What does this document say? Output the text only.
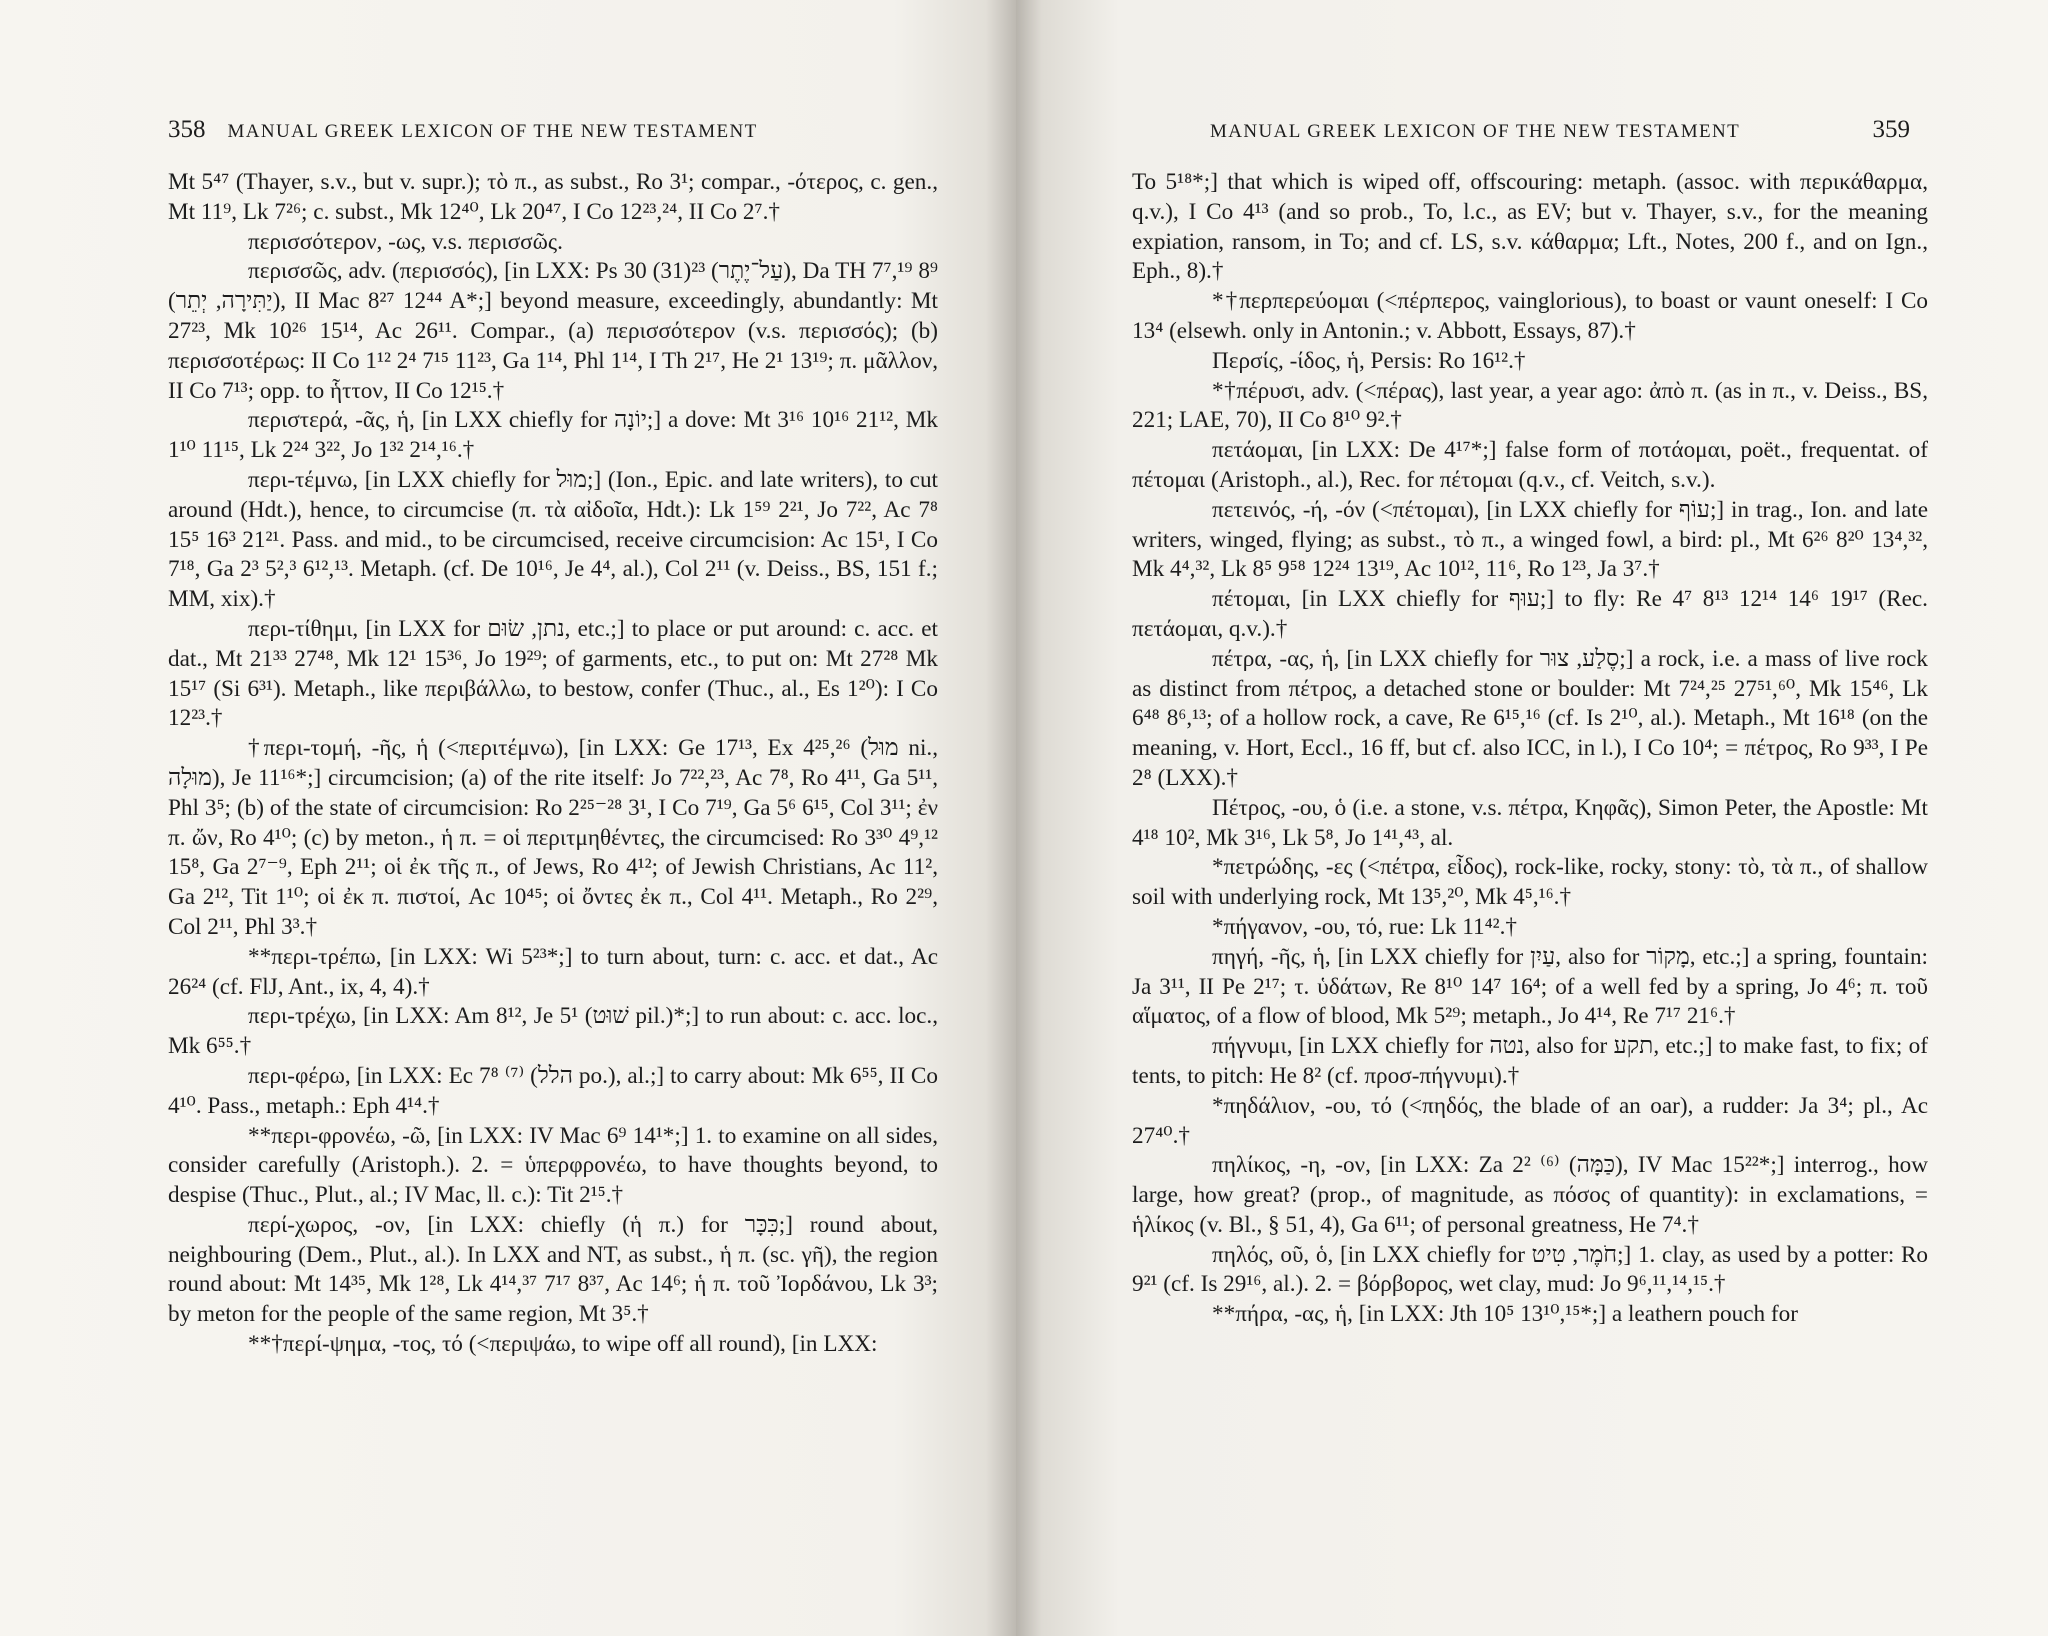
358 MANUAL GREEK LEXICON OF THE NEW TESTAMENT

Mt 5⁴⁷ (Thayer, s.v., but v. supr.); τὸ π., as subst., Ro 3¹; compar., -ότερος, c. gen., Mt 11⁹, Lk 7²⁶; c. subst., Mk 12⁴⁰, Lk 20⁴⁷, I Co 12²³,²⁴, II Co 2⁷.†

περισσότερον, -ως, v.s. περισσῶς.

περισσῶς, adv. (περισσός), [in LXX: Ps 30 (31)²³ (עַל־יֶתֶר), Da TH 7⁷,¹⁹ 8⁹ (יַתִּירָה, יְתֵר), II Mac 8²⁷ 12⁴⁴ A*;] beyond measure, exceedingly, abundantly: Mt 27²³, Mk 10²⁶ 15¹⁴, Ac 26¹¹. Compar., (a) περισσότερον (v.s. περισσός); (b) περισσοτέρως: II Co 1¹² 2⁴ 7¹⁵ 11²³, Ga 1¹⁴, Phl 1¹⁴, I Th 2¹⁷, He 2¹ 13¹⁹; π. μᾶλλον, II Co 7¹³; opp. to ἧττον, II Co 12¹⁵.†

περιστερά, -ᾶς, ἡ, [in LXX chiefly for יוֹנָה;] a dove: Mt 3¹⁶ 10¹⁶ 21¹², Mk 1¹⁰ 11¹⁵, Lk 2²⁴ 3²², Jo 1³² 2¹⁴,¹⁶.†

περι-τέμνω, [in LXX chiefly for מוּל;] (Ion., Epic. and late writers), to cut around (Hdt.), hence, to circumcise (π. τὰ αἰδοῖα, Hdt.): Lk 1⁵⁹ 2²¹, Jo 7²², Ac 7⁸ 15⁵ 16³ 21²¹. Pass. and mid., to be circumcised, receive circumcision: Ac 15¹, I Co 7¹⁸, Ga 2³ 5²,³ 6¹²,¹³. Metaph. (cf. De 10¹⁶, Je 4⁴, al.), Col 2¹¹ (v. Deiss., BS, 151 f.; MM, xix).†

περι-τίθημι, [in LXX for נתן, שׂוּם, etc.;] to place or put around: c. acc. et dat., Mt 21³³ 27⁴⁸, Mk 12¹ 15³⁶, Jo 19²⁹; of garments, etc., to put on: Mt 27²⁸ Mk 15¹⁷ (Si 6³¹). Metaph., like περιβάλλω, to bestow, confer (Thuc., al., Es 1²⁰): I Co 12²³.†

†περι-τομή, -ῆς, ἡ (<περιτέμνω), [in LXX: Ge 17¹³, Ex 4²⁵,²⁶ (מוּל ni., מוּלָה), Je 11¹⁶*;] circumcision; (a) of the rite itself: Jo 7²²,²³, Ac 7⁸, Ro 4¹¹, Ga 5¹¹, Phl 3⁵; (b) of the state of circumcision: Ro 2²⁵⁻²⁸ 3¹, I Co 7¹⁹, Ga 5⁶ 6¹⁵, Col 3¹¹; ἐν π. ὤν, Ro 4¹⁰; (c) by meton., ἡ π. = οἱ περιτμηθέντες, the circumcised: Ro 3³⁰ 4⁹,¹² 15⁸, Ga 2⁷⁻⁹, Eph 2¹¹; οἱ ἐκ τῆς π., of Jews, Ro 4¹²; of Jewish Christians, Ac 11², Ga 2¹², Tit 1¹⁰; οἱ ἐκ π. πιστοί, Ac 10⁴⁵; οἱ ὄντες ἐκ π., Col 4¹¹. Metaph., Ro 2²⁹, Col 2¹¹, Phl 3³.†

**περι-τρέπω, [in LXX: Wi 5²³*;] to turn about, turn: c. acc. et dat., Ac 26²⁴ (cf. FlJ, Ant., ix, 4, 4).†

περι-τρέχω, [in LXX: Am 8¹², Je 5¹ (שׁוּט pil.)*;] to run about: c. acc. loc., Mk 6⁵⁵.†

περι-φέρω, [in LXX: Ec 7⁸ ⁽⁷⁾ (הלל po.), al.;] to carry about: Mk 6⁵⁵, II Co 4¹⁰. Pass., metaph.: Eph 4¹⁴.†

**περι-φρονέω, -ῶ, [in LXX: IV Mac 6⁹ 14¹*;] 1. to examine on all sides, consider carefully (Aristoph.). 2. = ὑπερφρονέω, to have thoughts beyond, to despise (Thuc., Plut., al.; IV Mac, ll. c.): Tit 2¹⁵.†

περί-χωρος, -ον, [in LXX: chiefly (ἡ π.) for כִּכָּר;] round about, neighbouring (Dem., Plut., al.). In LXX and NT, as subst., ἡ π. (sc. γῆ), the region round about: Mt 14³⁵, Mk 1²⁸, Lk 4¹⁴,³⁷ 7¹⁷ 8³⁷, Ac 14⁶; ἡ π. τοῦ Ἰορδάνου, Lk 3³; by meton for the people of the same region, Mt 3⁵.†

**†περί-ψημα, -τος, τό (<περιψάω, to wipe off all round), [in LXX:

MANUAL GREEK LEXICON OF THE NEW TESTAMENT	359

To 5¹⁸*;] that which is wiped off, offscouring: metaph. (assoc. with περικάθαρμα, q.v.), I Co 4¹³ (and so prob., To, l.c., as EV; but v. Thayer, s.v., for the meaning expiation, ransom, in To; and cf. LS, s.v. κάθαρμα; Lft., Notes, 200 f., and on Ign., Eph., 8).†

*†περπερεύομαι (<πέρπερος, vainglorious), to boast or vaunt oneself: I Co 13⁴ (elsewh. only in Antonin.; v. Abbott, Essays, 87).†

Περσίς, -ίδος, ἡ, Persis: Ro 16¹².†

*†πέρυσι, adv. (<πέρας), last year, a year ago: ἀπὸ π. (as in π., v. Deiss., BS, 221; LAE, 70), II Co 8¹⁰ 9².†

πετάομαι, [in LXX: De 4¹⁷*;] false form of ποτάομαι, poët., frequentat. of πέτομαι (Aristoph., al.), Rec. for πέτομαι (q.v., cf. Veitch, s.v.).

πετεινός, -ή, -όν (<πέτομαι), [in LXX chiefly for עוֹף;] in trag., Ion. and late writers, winged, flying; as subst., τὸ π., a winged fowl, a bird: pl., Mt 6²⁶ 8²⁰ 13⁴,³², Mk 4⁴,³², Lk 8⁵ 9⁵⁸ 12²⁴ 13¹⁹, Ac 10¹², 11⁶, Ro 1²³, Ja 3⁷.†

πέτομαι, [in LXX chiefly for עוּף;] to fly: Re 4⁷ 8¹³ 12¹⁴ 14⁶ 19¹⁷ (Rec. πετάομαι, q.v.).†

πέτρα, -ας, ἡ, [in LXX chiefly for סֶלַע, צוּר;] a rock, i.e. a mass of live rock as distinct from πέτρος, a detached stone or boulder: Mt 7²⁴,²⁵ 27⁵¹,⁶⁰, Mk 15⁴⁶, Lk 6⁴⁸ 8⁶,¹³; of a hollow rock, a cave, Re 6¹⁵,¹⁶ (cf. Is 2¹⁰, al.). Metaph., Mt 16¹⁸ (on the meaning, v. Hort, Eccl., 16 ff, but cf. also ICC, in l.), I Co 10⁴; = πέτρος, Ro 9³³, I Pe 2⁸ (LXX).†

Πέτρος, -ου, ὁ (i.e. a stone, v.s. πέτρα, Κηφᾶς), Simon Peter, the Apostle: Mt 4¹⁸ 10², Mk 3¹⁶, Lk 5⁸, Jo 1⁴¹,⁴³, al.

*πετρώδης, -ες (<πέτρα, εἶδος), rock-like, rocky, stony: τὸ, τὰ π., of shallow soil with underlying rock, Mt 13⁵,²⁰, Mk 4⁵,¹⁶.†

*πήγανον, -ου, τό, rue: Lk 11⁴².†

πηγή, -ῆς, ἡ, [in LXX chiefly for עַיִן, also for מָקוֹר, etc.;] a spring, fountain: Ja 3¹¹, II Pe 2¹⁷; τ. ὑδάτων, Re 8¹⁰ 14⁷ 16⁴; of a well fed by a spring, Jo 4⁶; π. τοῦ αἵματος, of a flow of blood, Mk 5²⁹; metaph., Jo 4¹⁴, Re 7¹⁷ 21⁶.†

πήγνυμι, [in LXX chiefly for נטה, also for תקע, etc.;] to make fast, to fix; of tents, to pitch: He 8² (cf. προσ-πήγνυμι).†

*πηδάλιον, -ου, τό (<πηδός, the blade of an oar), a rudder: Ja 3⁴; pl., Ac 27⁴⁰.†

πηλίκος, -η, -ον, [in LXX: Za 2² ⁽⁶⁾ (כַּמָּה), IV Mac 15²²*;] interrog., how large, how great? (prop., of magnitude, as πόσος of quantity): in exclamations, = ἡλίκος (v. Bl., § 51, 4), Ga 6¹¹; of personal greatness, He 7⁴.†

πηλός, οῦ, ὁ, [in LXX chiefly for חֹמֶר, טִיט;] 1. clay, as used by a potter: Ro 9²¹ (cf. Is 29¹⁶, al.). 2. = βόρβορος, wet clay, mud: Jo 9⁶,¹¹,¹⁴,¹⁵.†

**πήρα, -ας, ἡ, [in LXX: Jth 10⁵ 13¹⁰,¹⁵*;] a leathern pouch for
